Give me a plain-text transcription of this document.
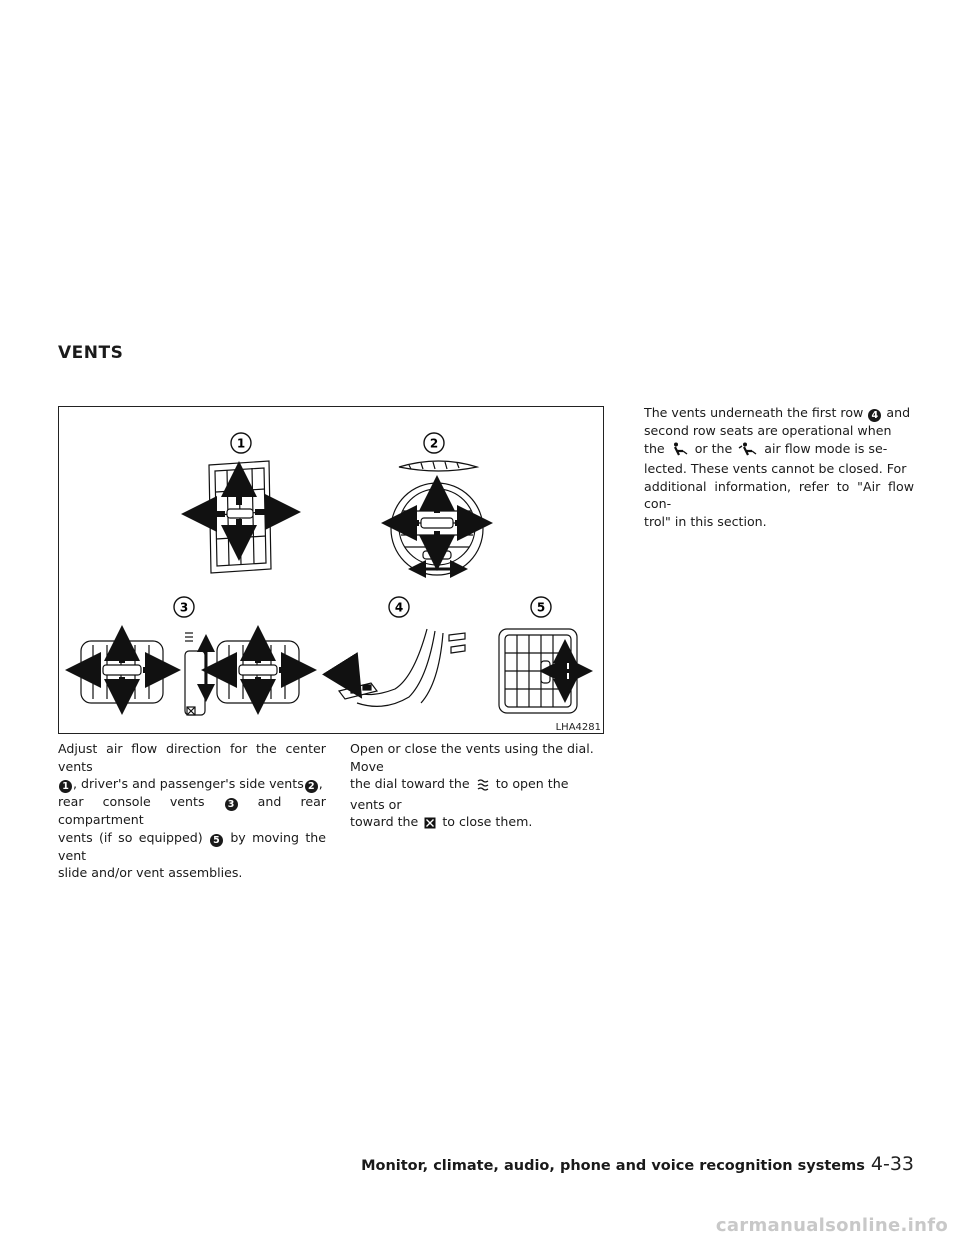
VENTS
1	2
3	4	5
LHA4281

Adjust air flow direction for the center vents
1 , driver's and passenger's side vents 2 ,
rear console vents 3 and rear compartment
vents (if so equipped) 5 by moving the vent
slide and/or vent assemblies.

Open or close the vents using the dial. Move
the dial toward the to open the vents or
toward the to close them.

The vents underneath the first row 4 and
second row seats are operational when
the or the	air flow mode is se-
lected. These vents cannot be closed. For
additional information, refer to "Air flow con-
trol" in this section.

Monitor, climate, audio, phone and voice recognition systems 4-33
carmanualsonline.info
